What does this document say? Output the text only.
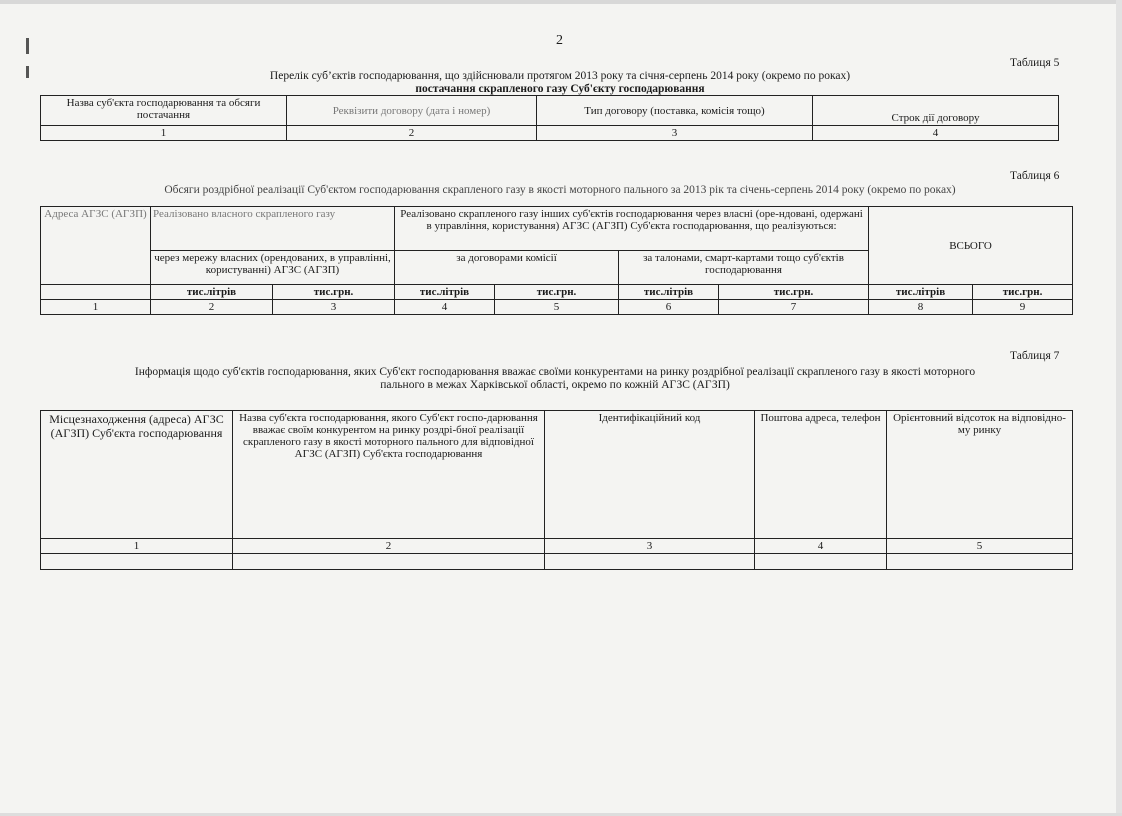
2
Таблиця 5
Перелік суб’єктів господарювання, що здійснювали протягом 2013 року та січня-серпень 2014 року (окремо по роках)
постачання скрапленого газу Суб'єкту господарювання
Назва суб'єкта господарювання та обсяги постачання	Реквізити договору (дата і номер)	Тип договору (поставка, комісія тощо)	Строк дії договору
1	2	3	4
Таблиця 6
Обсяги роздрібної реалізації Суб'єктом господарювання скрапленого газу в якості моторного пального за 2013 рік та січень-серпень 2014 року (окремо по роках)
Адреса АГЗС (АГЗП)	Реалізовано власного скрапленого газу		Реалізовано скрапленого газу інших суб'єктів господарювання через власні (оре-ндовані, одержані в управління, користування) АГЗС (АГЗП) Суб'єкта господарювання, що реалізуються:				ВСЬОГО	
	через мережу власних (орендованих, в управлінні, користуванні) АГЗС (АГЗП)		за договорами комісії		за талонами, смарт-картами тощо суб'єктів господарювання			
	тис.літрів	тис.грн.	тис.літрів	тис.грн.	тис.літрів	тис.грн.	тис.літрів	тис.грн.
1	2	3	4	5	6	7	8	9
Таблиця 7
Інформація щодо суб'єктів господарювання, яких Суб'єкт господарювання вважає своїми конкурентами на ринку роздрібної реалізації скрапленого газу в якості моторного
пального в межах Харківської області, окремо по кожній АГЗС (АГЗП)
Місцезнаходження (адреса) АГЗС (АГЗП) Суб'єкта господарювання	Назва суб'єкта господарювання, якого Суб'єкт госпо-дарювання вважає своїм конкурентом на ринку роздрі-бної реалізації скрапленого газу в якості моторного пального для відповідної АГЗС (АГЗП) Суб'єкта господарювання	Ідентифікаційний код	Поштова адреса, телефон	Орієнтовний відсоток на відповідно-му ринку
1	2	3	4	5
